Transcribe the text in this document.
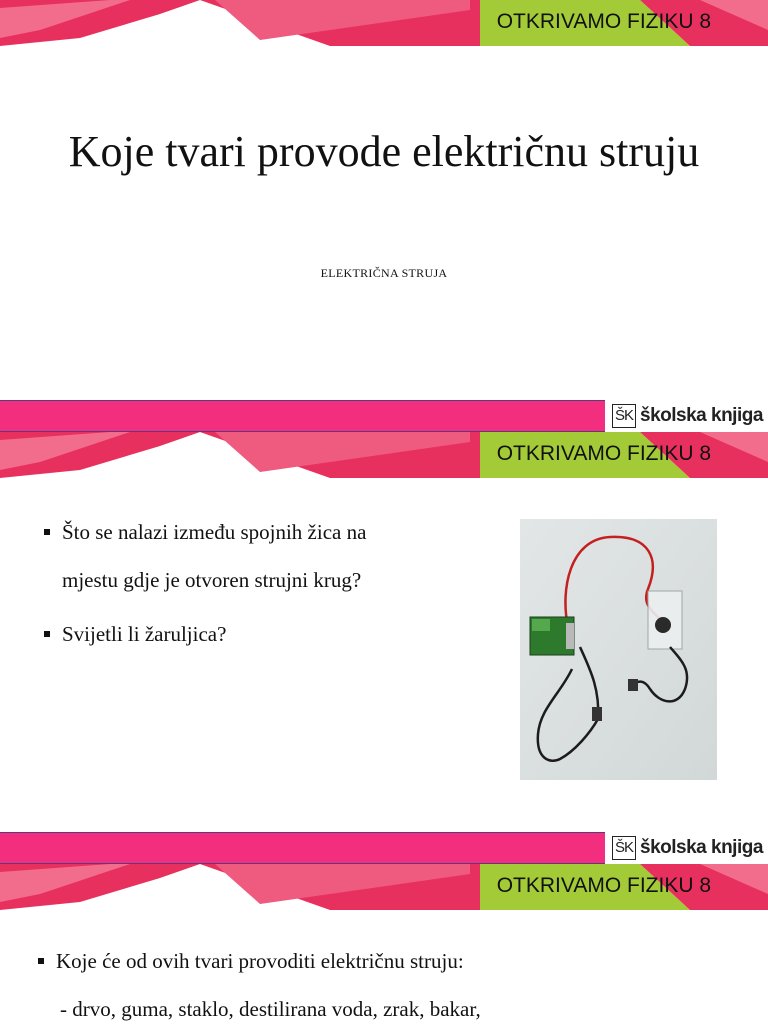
OTKRIVAMO FIZIKU 8
Koje tvari provode električnu struju
ELEKTRIČNA STRUJA
ŠK školska knjiga
OTKRIVAMO FIZIKU 8
Što se nalazi između spojnih žica na
mjestu gdje je otvoren strujni krug?
Svijetli li žaruljica?
ŠK školska knjiga
OTKRIVAMO FIZIKU 8
Koje će od ovih tvari provoditi električnu struju:
- drvo, guma, staklo, destilirana voda, zrak, bakar,
